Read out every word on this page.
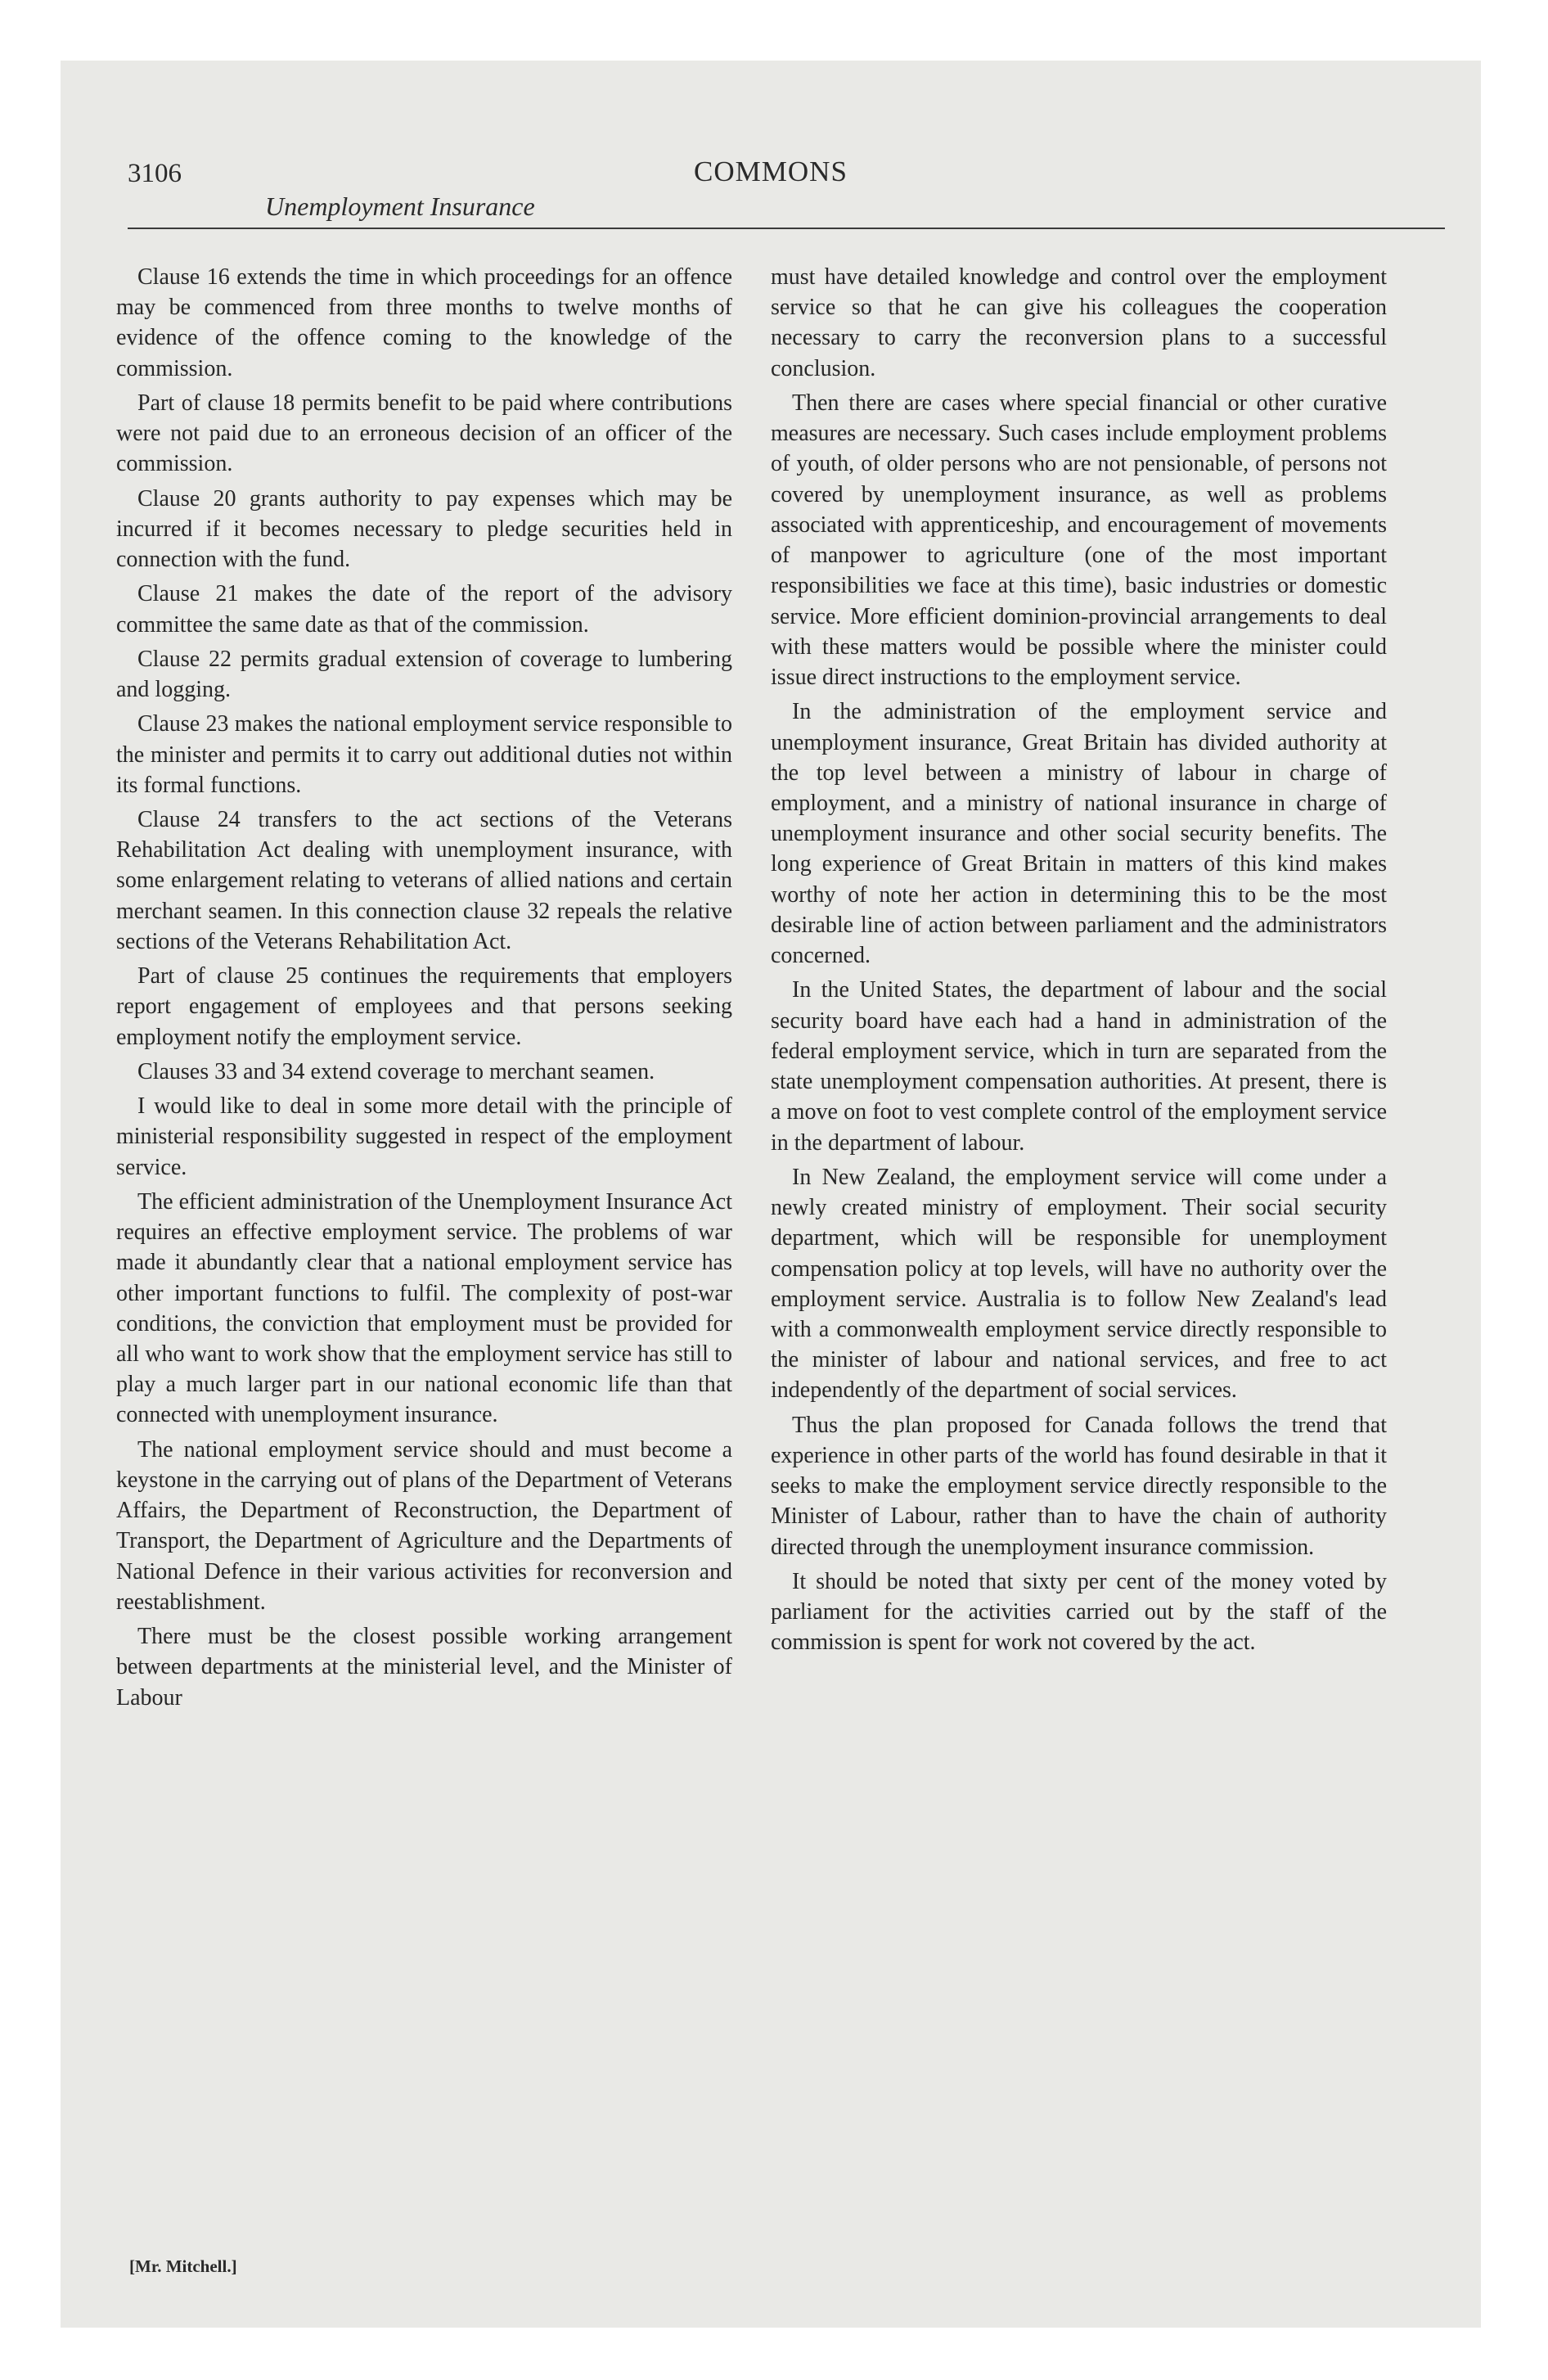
3106	COMMONS
Unemployment Insurance

Clause 16 extends the time in which proceedings for an offence may be commenced from three months to twelve months of evidence of the offence coming to the knowledge of the commission.

Part of clause 18 permits benefit to be paid where contributions were not paid due to an erroneous decision of an officer of the commission.

Clause 20 grants authority to pay expenses which may be incurred if it becomes necessary to pledge securities held in connection with the fund.

Clause 21 makes the date of the report of the advisory committee the same date as that of the commission.

Clause 22 permits gradual extension of coverage to lumbering and logging.

Clause 23 makes the national employment service responsible to the minister and permits it to carry out additional duties not within its formal functions.

Clause 24 transfers to the act sections of the Veterans Rehabilitation Act dealing with unemployment insurance, with some enlargement relating to veterans of allied nations and certain merchant seamen. In this connection clause 32 repeals the relative sections of the Veterans Rehabilitation Act.

Part of clause 25 continues the requirements that employers report engagement of employees and that persons seeking employment notify the employment service.

Clauses 33 and 34 extend coverage to merchant seamen.

I would like to deal in some more detail with the principle of ministerial responsibility suggested in respect of the employment service.

The efficient administration of the Unemployment Insurance Act requires an effective employment service. The problems of war made it abundantly clear that a national employment service has other important functions to fulfil. The complexity of post-war conditions, the conviction that employment must be provided for all who want to work show that the employment service has still to play a much larger part in our national economic life than that connected with unemployment insurance.

The national employment service should and must become a keystone in the carrying out of plans of the Department of Veterans Affairs, the Department of Reconstruction, the Department of Transport, the Department of Agriculture and the Departments of National Defence in their various activities for reconversion and reestablishment.

There must be the closest possible working arrangement between departments at the ministerial level, and the Minister of Labour

must have detailed knowledge and control over the employment service so that he can give his colleagues the cooperation necessary to carry the reconversion plans to a successful conclusion.

Then there are cases where special financial or other curative measures are necessary. Such cases include employment problems of youth, of older persons who are not pensionable, of persons not covered by unemployment insurance, as well as problems associated with apprenticeship, and encouragement of movements of manpower to agriculture (one of the most important responsibilities we face at this time), basic industries or domestic service. More efficient dominion-provincial arrangements to deal with these matters would be possible where the minister could issue direct instructions to the employment service.

In the administration of the employment service and unemployment insurance, Great Britain has divided authority at the top level between a ministry of labour in charge of employment, and a ministry of national insurance in charge of unemployment insurance and other social security benefits. The long experience of Great Britain in matters of this kind makes worthy of note her action in determining this to be the most desirable line of action between parliament and the administrators concerned.

In the United States, the department of labour and the social security board have each had a hand in administration of the federal employment service, which in turn are separated from the state unemployment compensation authorities. At present, there is a move on foot to vest complete control of the employment service in the department of labour.

In New Zealand, the employment service will come under a newly created ministry of employment. Their social security department, which will be responsible for unemployment compensation policy at top levels, will have no authority over the employment service. Australia is to follow New Zealand's lead with a commonwealth employment service directly responsible to the minister of labour and national services, and free to act independently of the department of social services.

Thus the plan proposed for Canada follows the trend that experience in other parts of the world has found desirable in that it seeks to make the employment service directly responsible to the Minister of Labour, rather than to have the chain of authority directed through the unemployment insurance commission.

It should be noted that sixty per cent of the money voted by parliament for the activities carried out by the staff of the commission is spent for work not covered by the act.

[Mr. Mitchell.]
